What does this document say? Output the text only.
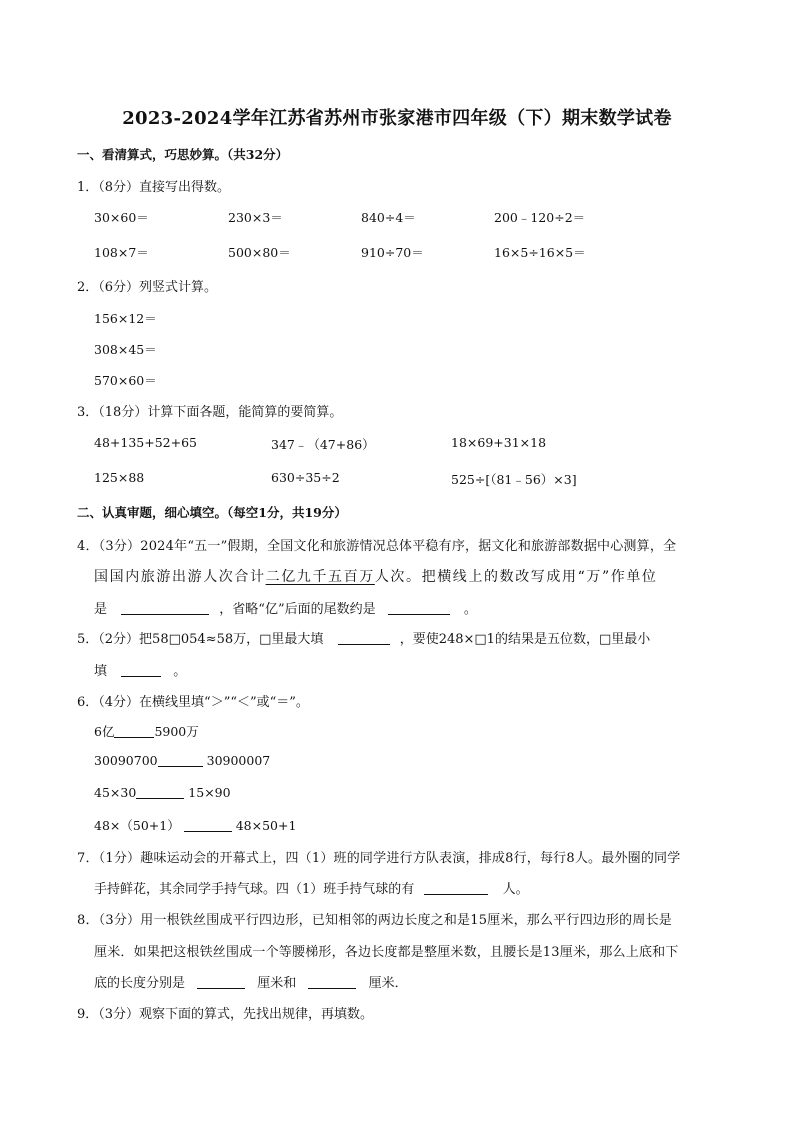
2023-2024学年江苏省苏州市张家港市四年级（下）期末数学试卷
一、看清算式，巧思妙算。（共32分）
1．（8分）直接写出得数。
30×60＝	230×3＝	840÷4＝	200﹣120÷2＝
108×7＝	500×80＝	910÷70＝	16×5÷16×5＝
2．（6分）列竖式计算。
156×12＝
308×45＝
570×60＝
3．（18分）计算下面各题，能简算的要简算。
48+135+52+65	347﹣（47+86）	18×69+31×18
125×88	630÷35÷2	525÷[（81﹣56）×3]
二、认真审题，细心填空。（每空1分，共19分）
4．（3分）2024年“五一”假期，全国文化和旅游情况总体平稳有序，据文化和旅游部数据中心测算，全
国国内旅游出游人次合计二亿九千五百万人次。把横线上的数改写成用“万”作单位
是	，省略“亿”后面的尾数约是	。
5．（2分）把58□054≈58万，□里最大填	，要使248×□1的结果是五位数，□里最小
填	。
6．（4分）在横线里填“＞”“＜”或“＝”。
6亿	5900万
30090700	30900007
45×30	15×90
48×（50+1）	48×50+1
7．（1分）趣味运动会的开幕式上，四（1）班的同学进行方队表演，排成8行，每行8人。最外圈的同学
手持鲜花，其余同学手持气球。四（1）班手持气球的有	人。
8．（3分）用一根铁丝围成平行四边形，已知相邻的两边长度之和是15厘米，那么平行四边形的周长是
厘米．如果把这根铁丝围成一个等腰梯形，各边长度都是整厘米数，且腰长是13厘米，那么上底和下
底的长度分别是	厘米和	厘米．
9．（3分）观察下面的算式，先找出规律，再填数。
